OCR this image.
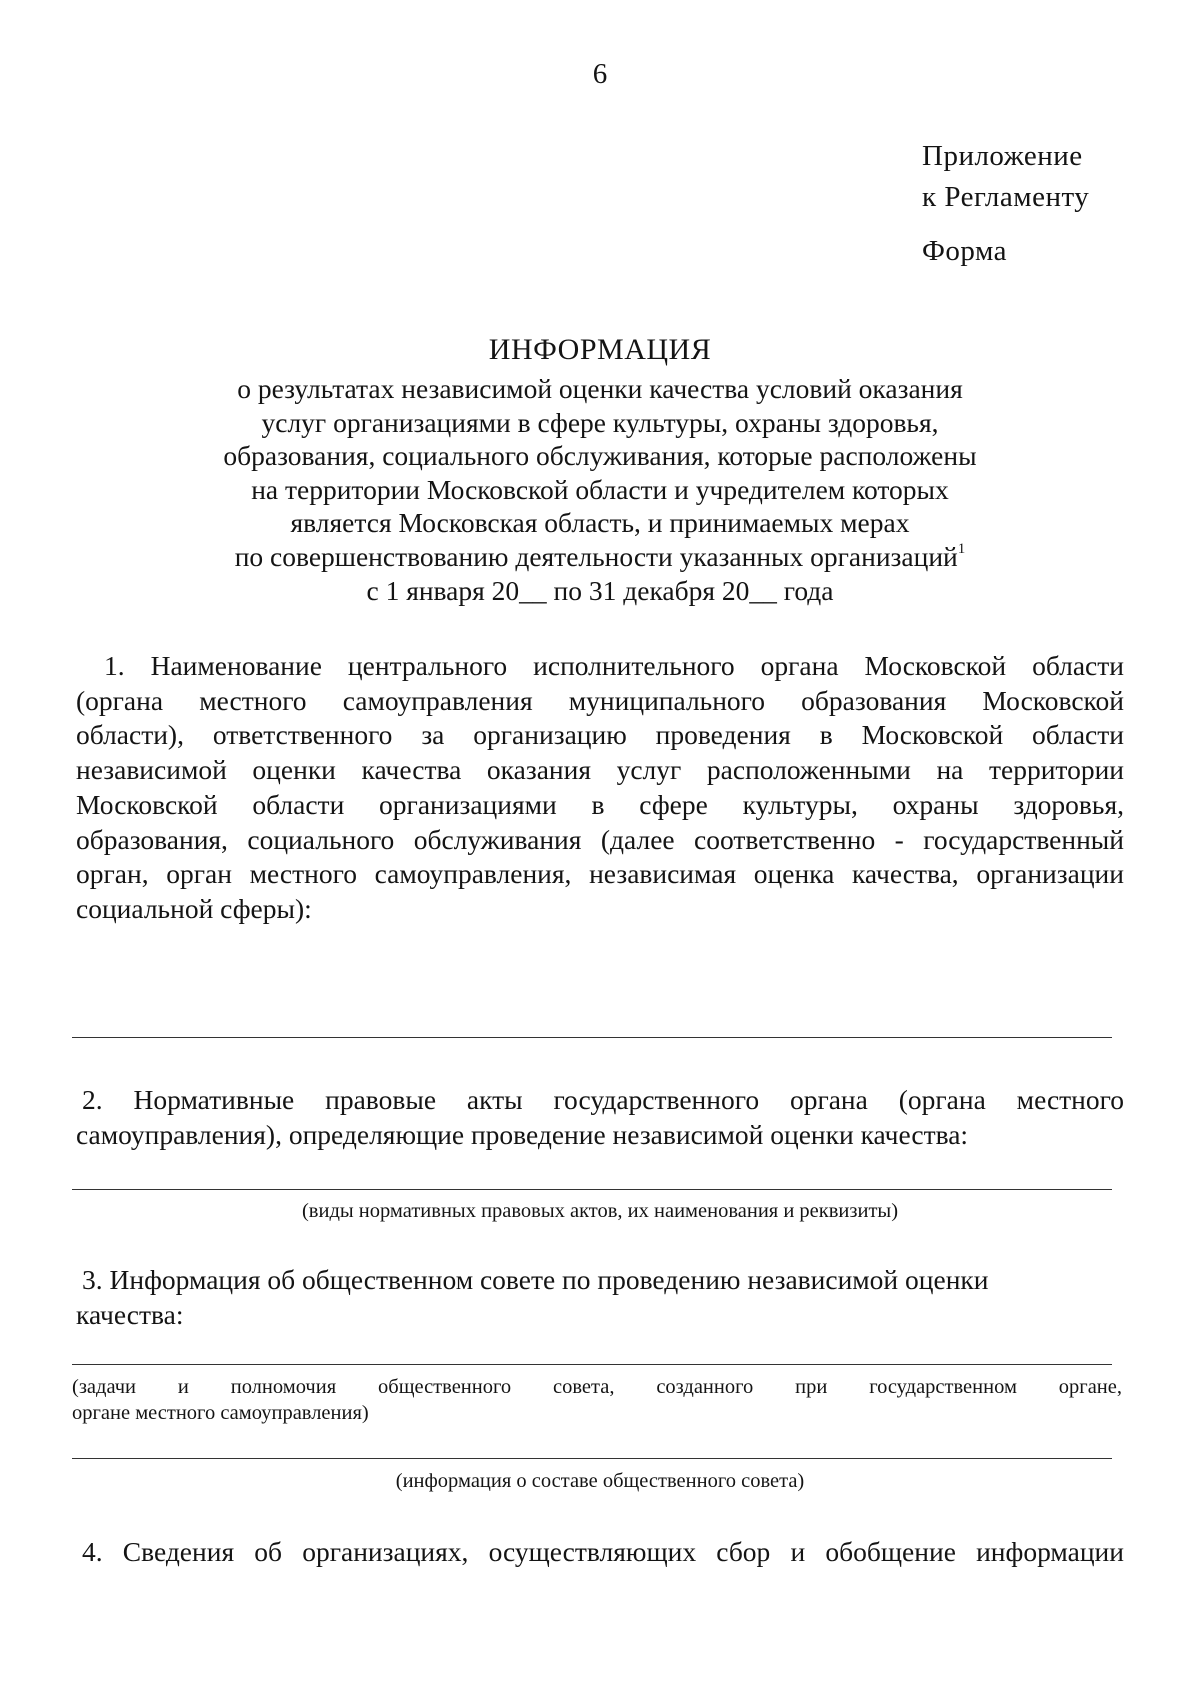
6
Приложение
к Регламенту
Форма
ИНФОРМАЦИЯ
о результатах независимой оценки качества условий оказания
услуг организациями в сфере культуры, охраны здоровья,
образования, социального обслуживания, которые расположены
на территории Московской области и учредителем которых
является Московская область, и принимаемых мерах
по совершенствованию деятельности указанных организаций$^1$
с 1 января 20__ по 31 декабря 20__ года
1. Наименование центрального исполнительного органа Московской области
(органа местного самоуправления муниципального образования Московской
области), ответственного за организацию проведения в Московской области
независимой оценки качества оказания услуг расположенными на территории
Московской области организациями в сфере культуры, охраны здоровья,
образования, социального обслуживания (далее соответственно - государственный
орган, орган местного самоуправления, независимая оценка качества, организации
социальной сферы):
2. Нормативные правовые акты государственного органа (органа местного
самоуправления), определяющие проведение независимой оценки качества:
(виды нормативных правовых актов, их наименования и реквизиты)
3. Информация об общественном совете по проведению независимой оценки
качества:
(задачи и полномочия общественного совета, созданного при государственном органе,
органе местного самоуправления)
(информация о составе общественного совета)
4. Сведения об организациях, осуществляющих сбор и обобщение информации
